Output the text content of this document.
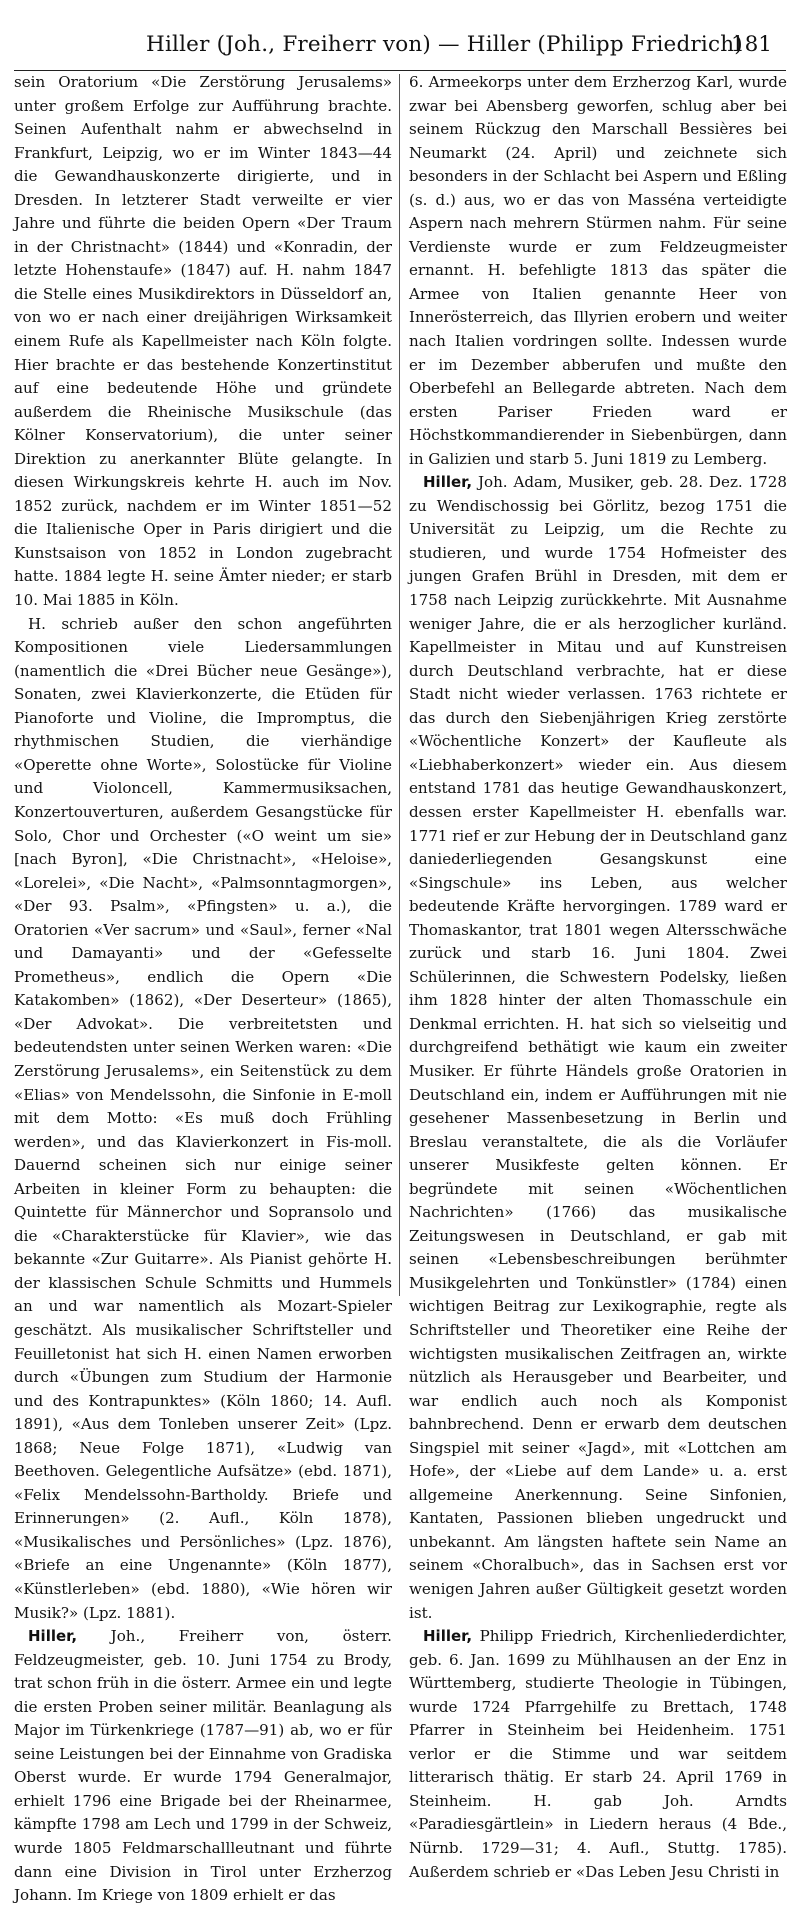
Hiller (Joh., Freiherr von) — Hiller (Philipp Friedrich)
181

sein Oratorium «Die Zerstörung Jerusalems» unter großem Erfolge zur Aufführung brachte. Seinen Aufenthalt nahm er abwechselnd in Frankfurt, Leipzig, wo er im Winter 1843—44 die Gewandhauskonzerte dirigierte, und in Dresden. In letzterer Stadt verweilte er vier Jahre und führte die beiden Opern «Der Traum in der Christnacht» (1844) und «Konradin, der letzte Hohenstaufe» (1847) auf. H. nahm 1847 die Stelle eines Musikdirektors in Düsseldorf an, von wo er nach einer dreijährigen Wirksamkeit einem Rufe als Kapellmeister nach Köln folgte. Hier brachte er das bestehende Konzertinstitut auf eine bedeutende Höhe und gründete außerdem die Rheinische Musikschule (das Kölner Konservatorium), die unter seiner Direktion zu anerkannter Blüte gelangte. In diesen Wirkungskreis kehrte H. auch im Nov. 1852 zurück, nachdem er im Winter 1851—52 die Italienische Oper in Paris dirigiert und die Kunstsaison von 1852 in London zugebracht hatte. 1884 legte H. seine Ämter nieder; er starb 10. Mai 1885 in Köln.

H. schrieb außer den schon angeführten Kompositionen viele Liedersammlungen (namentlich die «Drei Bücher neue Gesänge»), Sonaten, zwei Klavierkonzerte, die Etüden für Pianoforte und Violine, die Impromptus, die rhythmischen Studien, die vierhändige «Operette ohne Worte», Solostücke für Violine und Violoncell, Kammermusiksachen, Konzertouverturen, außerdem Gesangstücke für Solo, Chor und Orchester («O weint um sie» [nach Byron], «Die Christnacht», «Heloise», «Lorelei», «Die Nacht», «Palmsonntagmorgen», «Der 93. Psalm», «Pfingsten» u. a.), die Oratorien «Ver sacrum» und «Saul», ferner «Nal und Damayanti» und der «Gefesselte Prometheus», endlich die Opern «Die Katakomben» (1862), «Der Deserteur» (1865), «Der Advokat». Die verbreitetsten und bedeutendsten unter seinen Werken waren: «Die Zerstörung Jerusalems», ein Seitenstück zu dem «Elias» von Mendelssohn, die Sinfonie in E-moll mit dem Motto: «Es muß doch Frühling werden», und das Klavierkonzert in Fis-moll. Dauernd scheinen sich nur einige seiner Arbeiten in kleiner Form zu behaupten: die Quintette für Männerchor und Sopransolo und die «Charakterstücke für Klavier», wie das bekannte «Zur Guitarre». Als Pianist gehörte H. der klassischen Schule Schmitts und Hummels an und war namentlich als Mozart-Spieler geschätzt. Als musikalischer Schriftsteller und Feuilletonist hat sich H. einen Namen erworben durch «Übungen zum Studium der Harmonie und des Kontrapunktes» (Köln 1860; 14. Aufl. 1891), «Aus dem Tonleben unserer Zeit» (Lpz. 1868; Neue Folge 1871), «Ludwig van Beethoven. Gelegentliche Aufsätze» (ebd. 1871), «Felix Mendelssohn-Bartholdy. Briefe und Erinnerungen» (2. Aufl., Köln 1878), «Musikalisches und Persönliches» (Lpz. 1876), «Briefe an eine Ungenannte» (Köln 1877), «Künstlerleben» (ebd. 1880), «Wie hören wir Musik?» (Lpz. 1881).

Hiller, Joh., Freiherr von, österr. Feldzeugmeister, geb. 10. Juni 1754 zu Brody, trat schon früh in die österr. Armee ein und legte die ersten Proben seiner militär. Beanlagung als Major im Türkenkriege (1787—91) ab, wo er für seine Leistungen bei der Einnahme von Gradiska Oberst wurde. Er wurde 1794 Generalmajor, erhielt 1796 eine Brigade bei der Rheinarmee, kämpfte 1798 am Lech und 1799 in der Schweiz, wurde 1805 Feldmarschallleutnant und führte dann eine Division in Tirol unter Erzherzog Johann. Im Kriege von 1809 erhielt er das

6. Armeekorps unter dem Erzherzog Karl, wurde zwar bei Abensberg geworfen, schlug aber bei seinem Rückzug den Marschall Bessières bei Neumarkt (24. April) und zeichnete sich besonders in der Schlacht bei Aspern und Eßling (s. d.) aus, wo er das von Masséna verteidigte Aspern nach mehrern Stürmen nahm. Für seine Verdienste wurde er zum Feldzeugmeister ernannt. H. befehligte 1813 das später die Armee von Italien genannte Heer von Innerösterreich, das Illyrien erobern und weiter nach Italien vordringen sollte. Indessen wurde er im Dezember abberufen und mußte den Oberbefehl an Bellegarde abtreten. Nach dem ersten Pariser Frieden ward er Höchstkommandierender in Siebenbürgen, dann in Galizien und starb 5. Juni 1819 zu Lemberg.

Hiller, Joh. Adam, Musiker, geb. 28. Dez. 1728 zu Wendischossig bei Görlitz, bezog 1751 die Universität zu Leipzig, um die Rechte zu studieren, und wurde 1754 Hofmeister des jungen Grafen Brühl in Dresden, mit dem er 1758 nach Leipzig zurückkehrte. Mit Ausnahme weniger Jahre, die er als herzoglicher kurländ. Kapellmeister in Mitau und auf Kunstreisen durch Deutschland verbrachte, hat er diese Stadt nicht wieder verlassen. 1763 richtete er das durch den Siebenjährigen Krieg zerstörte «Wöchentliche Konzert» der Kaufleute als «Liebhaberkonzert» wieder ein. Aus diesem entstand 1781 das heutige Gewandhauskonzert, dessen erster Kapellmeister H. ebenfalls war. 1771 rief er zur Hebung der in Deutschland ganz daniederliegenden Gesangskunst eine «Singschule» ins Leben, aus welcher bedeutende Kräfte hervorgingen. 1789 ward er Thomaskantor, trat 1801 wegen Altersschwäche zurück und starb 16. Juni 1804. Zwei Schülerinnen, die Schwestern Podelsky, ließen ihm 1828 hinter der alten Thomasschule ein Denkmal errichten. H. hat sich so vielseitig und durchgreifend bethätigt wie kaum ein zweiter Musiker. Er führte Händels große Oratorien in Deutschland ein, indem er Aufführungen mit nie gesehener Massenbesetzung in Berlin und Breslau veranstaltete, die als die Vorläufer unserer Musikfeste gelten können. Er begründete mit seinen «Wöchentlichen Nachrichten» (1766) das musikalische Zeitungswesen in Deutschland, er gab mit seinen «Lebensbeschreibungen berühmter Musikgelehrten und Tonkünstler» (1784) einen wichtigen Beitrag zur Lexikographie, regte als Schriftsteller und Theoretiker eine Reihe der wichtigsten musikalischen Zeitfragen an, wirkte nützlich als Herausgeber und Bearbeiter, und war endlich auch noch als Komponist bahnbrechend. Denn er erwarb dem deutschen Singspiel mit seiner «Jagd», mit «Lottchen am Hofe», der «Liebe auf dem Lande» u. a. erst allgemeine Anerkennung. Seine Sinfonien, Kantaten, Passionen blieben ungedruckt und unbekannt. Am längsten haftete sein Name an seinem «Choralbuch», das in Sachsen erst vor wenigen Jahren außer Gültigkeit gesetzt worden ist.

Hiller, Philipp Friedrich, Kirchenliederdichter, geb. 6. Jan. 1699 zu Mühlhausen an der Enz in Württemberg, studierte Theologie in Tübingen, wurde 1724 Pfarrgehilfe zu Brettach, 1748 Pfarrer in Steinheim bei Heidenheim. 1751 verlor er die Stimme und war seitdem litterarisch thätig. Er starb 24. April 1769 in Steinheim. H. gab Joh. Arndts «Paradiesgärtlein» in Liedern heraus (4 Bde., Nürnb. 1729—31; 4. Aufl., Stuttg. 1785). Außerdem schrieb er «Das Leben Jesu Christi in
